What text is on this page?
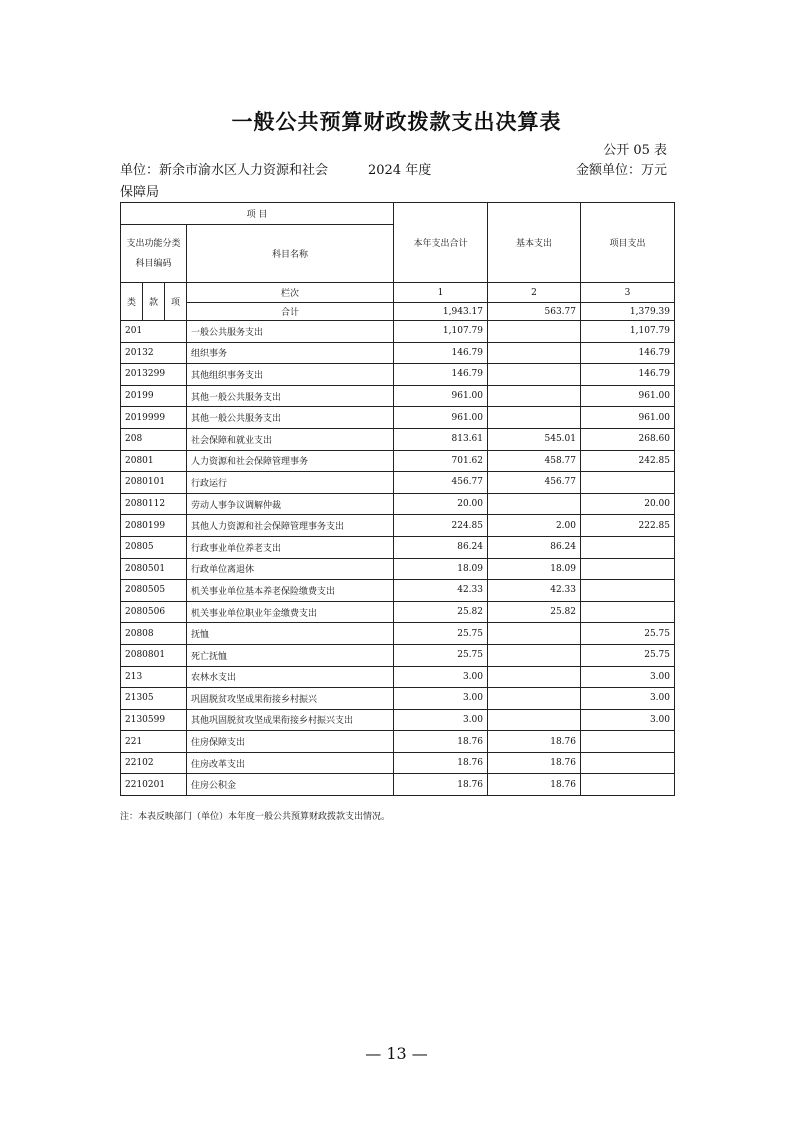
一般公共预算财政拨款支出决算表
公开 05 表
单位：新余市渝水区人力资源和社会保障局
2024 年度	金额单位：万元
项 目				本年支出合计	基本支出	项目支出
支出功能分类科目编码			科目名称			
类	款	项	栏次	1	2	3
			合计	1,943.17	563.77	1,379.39
201			一般公共服务支出	1,107.79		1,107.79
20132			组织事务	146.79		146.79
2013299			其他组织事务支出	146.79		146.79
20199			其他一般公共服务支出	961.00		961.00
2019999			其他一般公共服务支出	961.00		961.00
208			社会保障和就业支出	813.61	545.01	268.60
20801			人力资源和社会保障管理事务	701.62	458.77	242.85
2080101			行政运行	456.77	456.77	
2080112			劳动人事争议调解仲裁	20.00		20.00
2080199			其他人力资源和社会保障管理事务支出	224.85	2.00	222.85
20805			行政事业单位养老支出	86.24	86.24	
2080501			行政单位离退休	18.09	18.09	
2080505			机关事业单位基本养老保险缴费支出	42.33	42.33	
2080506			机关事业单位职业年金缴费支出	25.82	25.82	
20808			抚恤	25.75		25.75
2080801			死亡抚恤	25.75		25.75
213			农林水支出	3.00		3.00
21305			巩固脱贫攻坚成果衔接乡村振兴	3.00		3.00
2130599			其他巩固脱贫攻坚成果衔接乡村振兴支出	3.00		3.00
221			住房保障支出	18.76	18.76	
22102			住房改革支出	18.76	18.76	
2210201			住房公积金	18.76	18.76	
注：本表反映部门（单位）本年度一般公共预算财政拨款支出情况。
— 13 —
